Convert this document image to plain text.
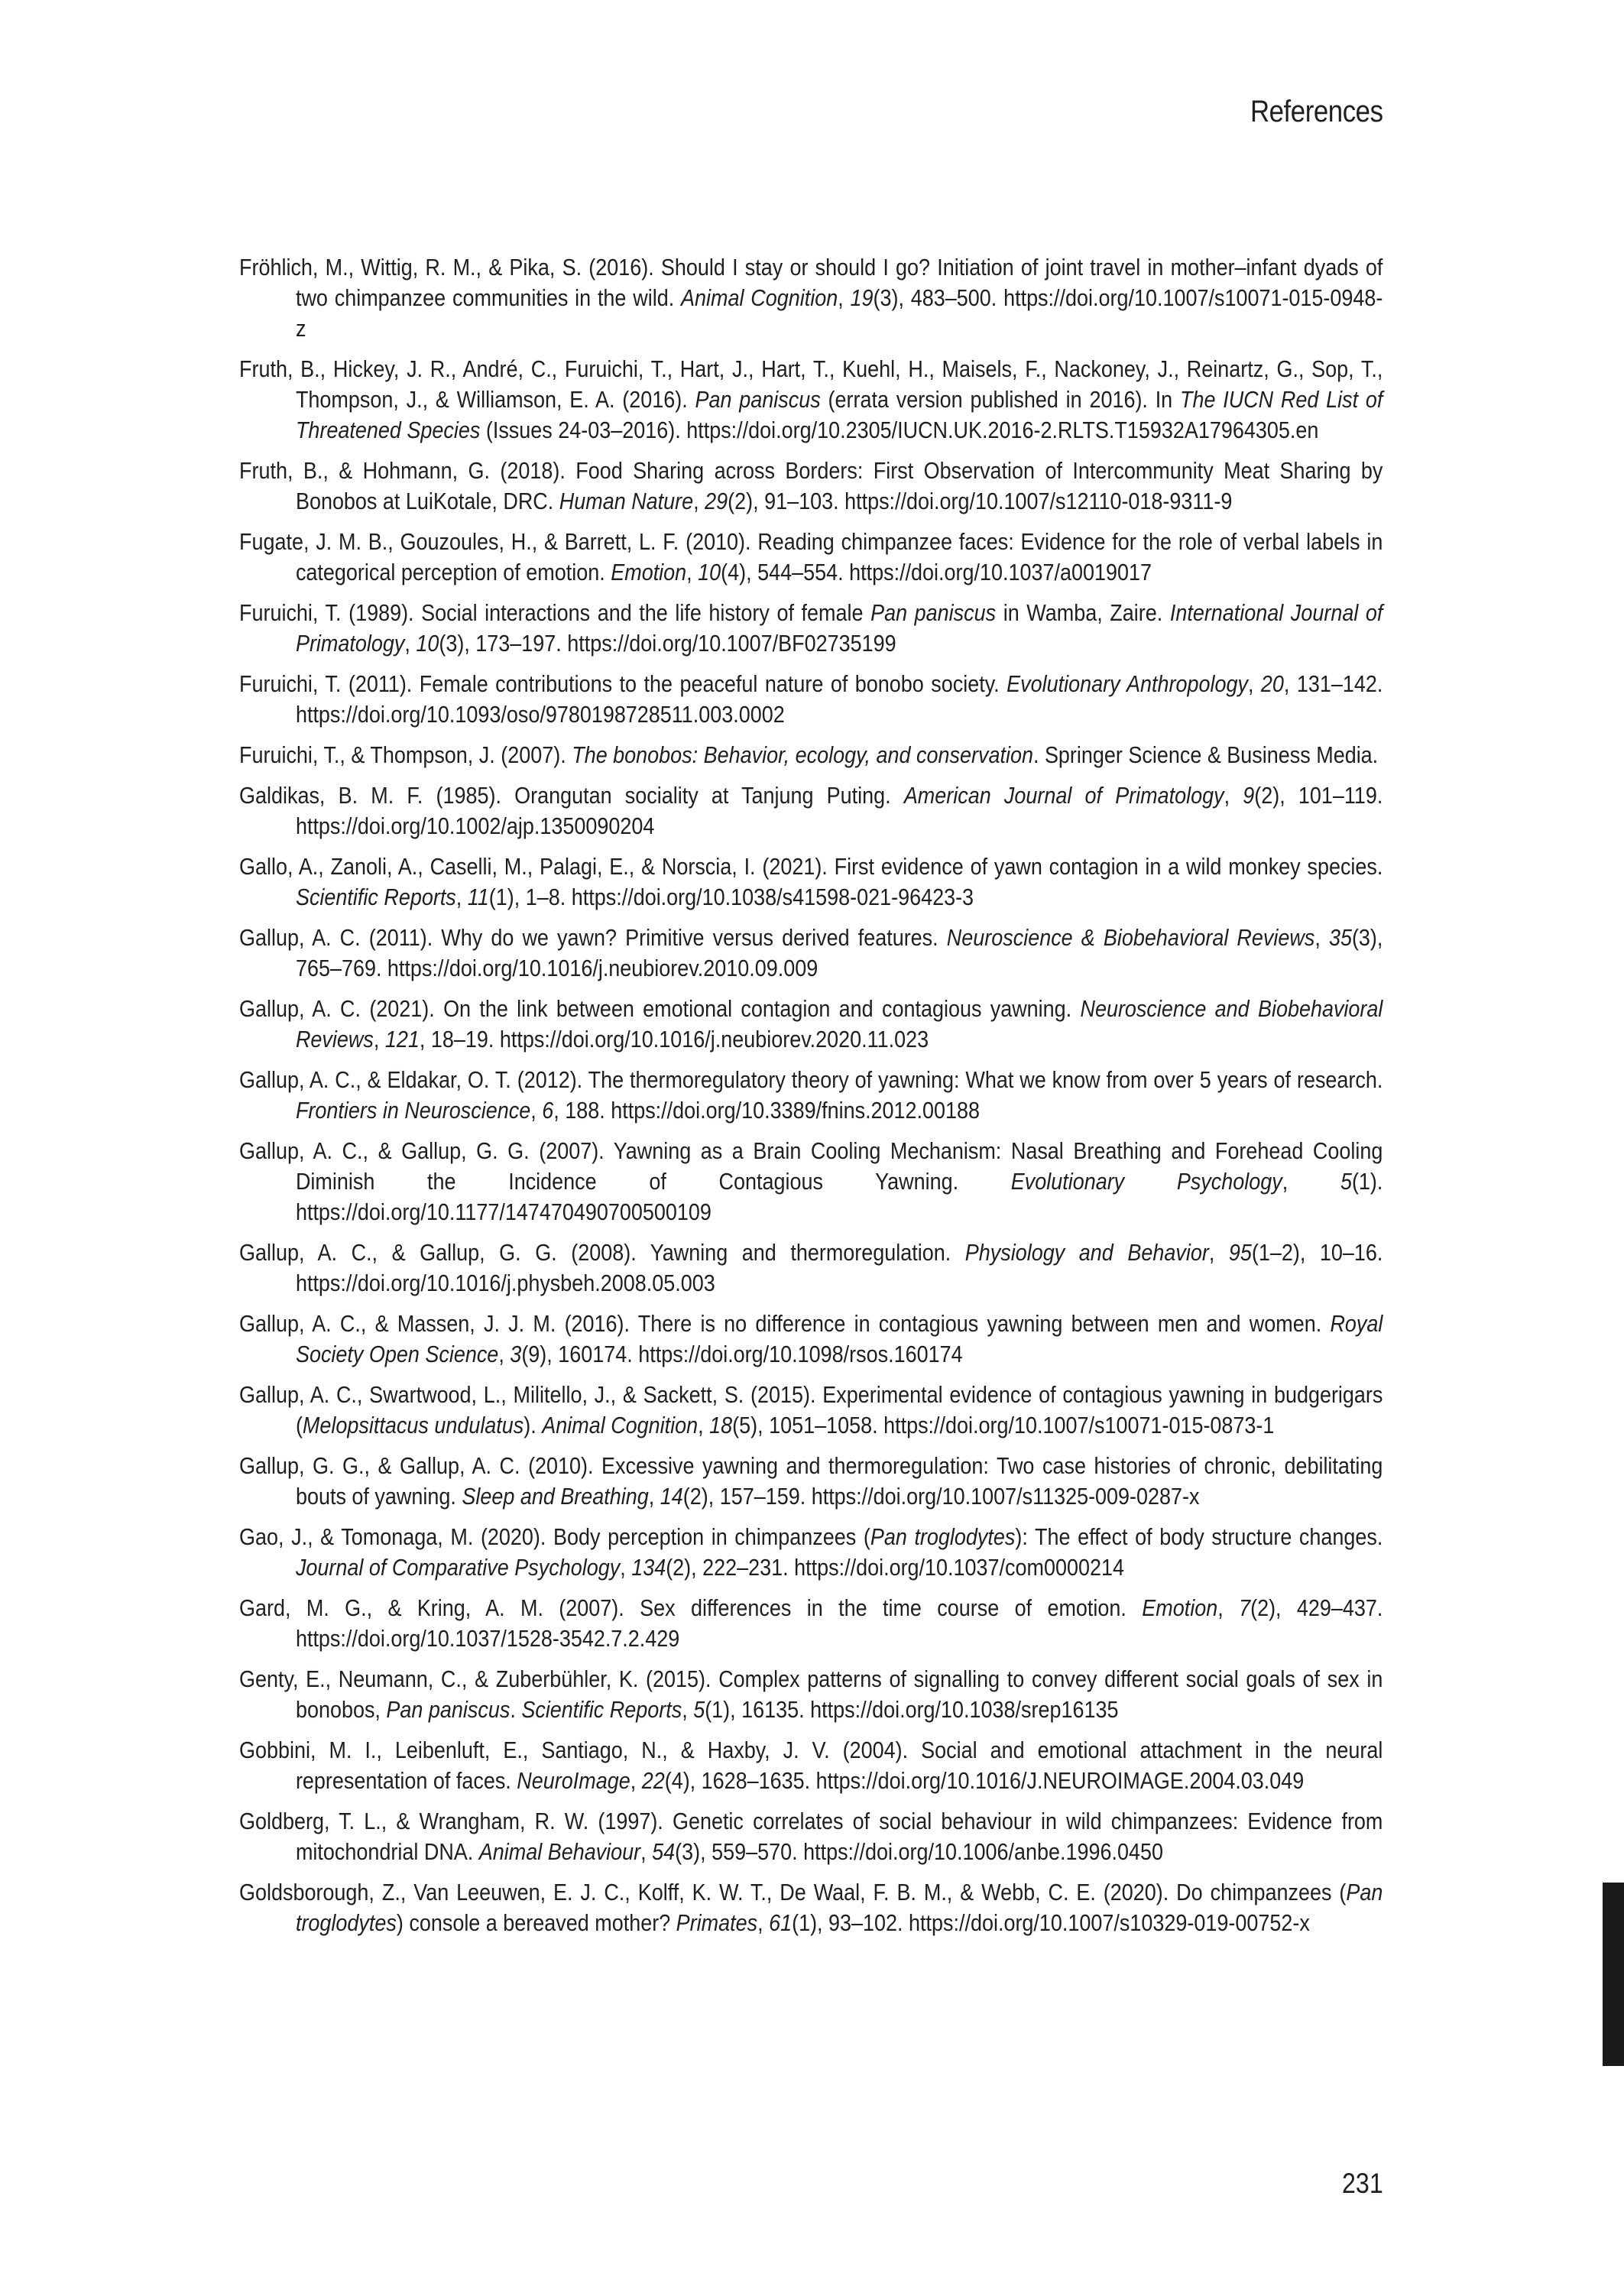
References

Fröhlich, M., Wittig, R. M., & Pika, S. (2016). Should I stay or should I go? Initiation of joint travel in mother–infant dyads of two chimpanzee communities in the wild. Animal Cognition, 19(3), 483–500. https://doi.org/10.1007/s10071-015-0948-z

Fruth, B., Hickey, J. R., André, C., Furuichi, T., Hart, J., Hart, T., Kuehl, H., Maisels, F., Nackoney, J., Reinartz, G., Sop, T., Thompson, J., & Williamson, E. A. (2016). Pan paniscus (errata version published in 2016). In The IUCN Red List of Threatened Species (Issues 24-03–2016). https://doi.org/10.2305/IUCN.UK.2016-2.RLTS.T15932A17964305.en

Fruth, B., & Hohmann, G. (2018). Food Sharing across Borders: First Observation of Intercommunity Meat Sharing by Bonobos at LuiKotale, DRC. Human Nature, 29(2), 91–103. https://doi.org/10.1007/s12110-018-9311-9

Fugate, J. M. B., Gouzoules, H., & Barrett, L. F. (2010). Reading chimpanzee faces: Evidence for the role of verbal labels in categorical perception of emotion. Emotion, 10(4), 544–554. https://doi.org/10.1037/a0019017

Furuichi, T. (1989). Social interactions and the life history of female Pan paniscus in Wamba, Zaire. International Journal of Primatology, 10(3), 173–197. https://doi.org/10.1007/BF02735199

Furuichi, T. (2011). Female contributions to the peaceful nature of bonobo society. Evolutionary Anthropology, 20, 131–142. https://doi.org/10.1093/oso/9780198728511.003.0002

Furuichi, T., & Thompson, J. (2007). The bonobos: Behavior, ecology, and conservation. Springer Science & Business Media.

Galdikas, B. M. F. (1985). Orangutan sociality at Tanjung Puting. American Journal of Primatology, 9(2), 101–119. https://doi.org/10.1002/ajp.1350090204

Gallo, A., Zanoli, A., Caselli, M., Palagi, E., & Norscia, I. (2021). First evidence of yawn contagion in a wild monkey species. Scientific Reports, 11(1), 1–8. https://doi.org/10.1038/s41598-021-96423-3

Gallup, A. C. (2011). Why do we yawn? Primitive versus derived features. Neuroscience & Biobehavioral Reviews, 35(3), 765–769. https://doi.org/10.1016/j.neubiorev.2010.09.009

Gallup, A. C. (2021). On the link between emotional contagion and contagious yawning. Neuroscience and Biobehavioral Reviews, 121, 18–19. https://doi.org/10.1016/j.neubiorev.2020.11.023

Gallup, A. C., & Eldakar, O. T. (2012). The thermoregulatory theory of yawning: What we know from over 5 years of research. Frontiers in Neuroscience, 6, 188. https://doi.org/10.3389/fnins.2012.00188

Gallup, A. C., & Gallup, G. G. (2007). Yawning as a Brain Cooling Mechanism: Nasal Breathing and Forehead Cooling Diminish the Incidence of Contagious Yawning. Evolutionary Psychology, 5(1). https://doi.org/10.1177/147470490700500109

Gallup, A. C., & Gallup, G. G. (2008). Yawning and thermoregulation. Physiology and Behavior, 95(1–2), 10–16. https://doi.org/10.1016/j.physbeh.2008.05.003

Gallup, A. C., & Massen, J. J. M. (2016). There is no difference in contagious yawning between men and women. Royal Society Open Science, 3(9), 160174. https://doi.org/10.1098/rsos.160174

Gallup, A. C., Swartwood, L., Militello, J., & Sackett, S. (2015). Experimental evidence of contagious yawning in budgerigars (Melopsittacus undulatus). Animal Cognition, 18(5), 1051–1058. https://doi.org/10.1007/s10071-015-0873-1

Gallup, G. G., & Gallup, A. C. (2010). Excessive yawning and thermoregulation: Two case histories of chronic, debilitating bouts of yawning. Sleep and Breathing, 14(2), 157–159. https://doi.org/10.1007/s11325-009-0287-x

Gao, J., & Tomonaga, M. (2020). Body perception in chimpanzees (Pan troglodytes): The effect of body structure changes. Journal of Comparative Psychology, 134(2), 222–231. https://doi.org/10.1037/com0000214

Gard, M. G., & Kring, A. M. (2007). Sex differences in the time course of emotion. Emotion, 7(2), 429–437. https://doi.org/10.1037/1528-3542.7.2.429

Genty, E., Neumann, C., & Zuberbühler, K. (2015). Complex patterns of signalling to convey different social goals of sex in bonobos, Pan paniscus. Scientific Reports, 5(1), 16135. https://doi.org/10.1038/srep16135

Gobbini, M. I., Leibenluft, E., Santiago, N., & Haxby, J. V. (2004). Social and emotional attachment in the neural representation of faces. NeuroImage, 22(4), 1628–1635. https://doi.org/10.1016/J.NEUROIMAGE.2004.03.049

Goldberg, T. L., & Wrangham, R. W. (1997). Genetic correlates of social behaviour in wild chimpanzees: Evidence from mitochondrial DNA. Animal Behaviour, 54(3), 559–570. https://doi.org/10.1006/anbe.1996.0450

Goldsborough, Z., Van Leeuwen, E. J. C., Kolff, K. W. T., De Waal, F. B. M., & Webb, C. E. (2020). Do chimpanzees (Pan troglodytes) console a bereaved mother? Primates, 61(1), 93–102. https://doi.org/10.1007/s10329-019-00752-x

231
